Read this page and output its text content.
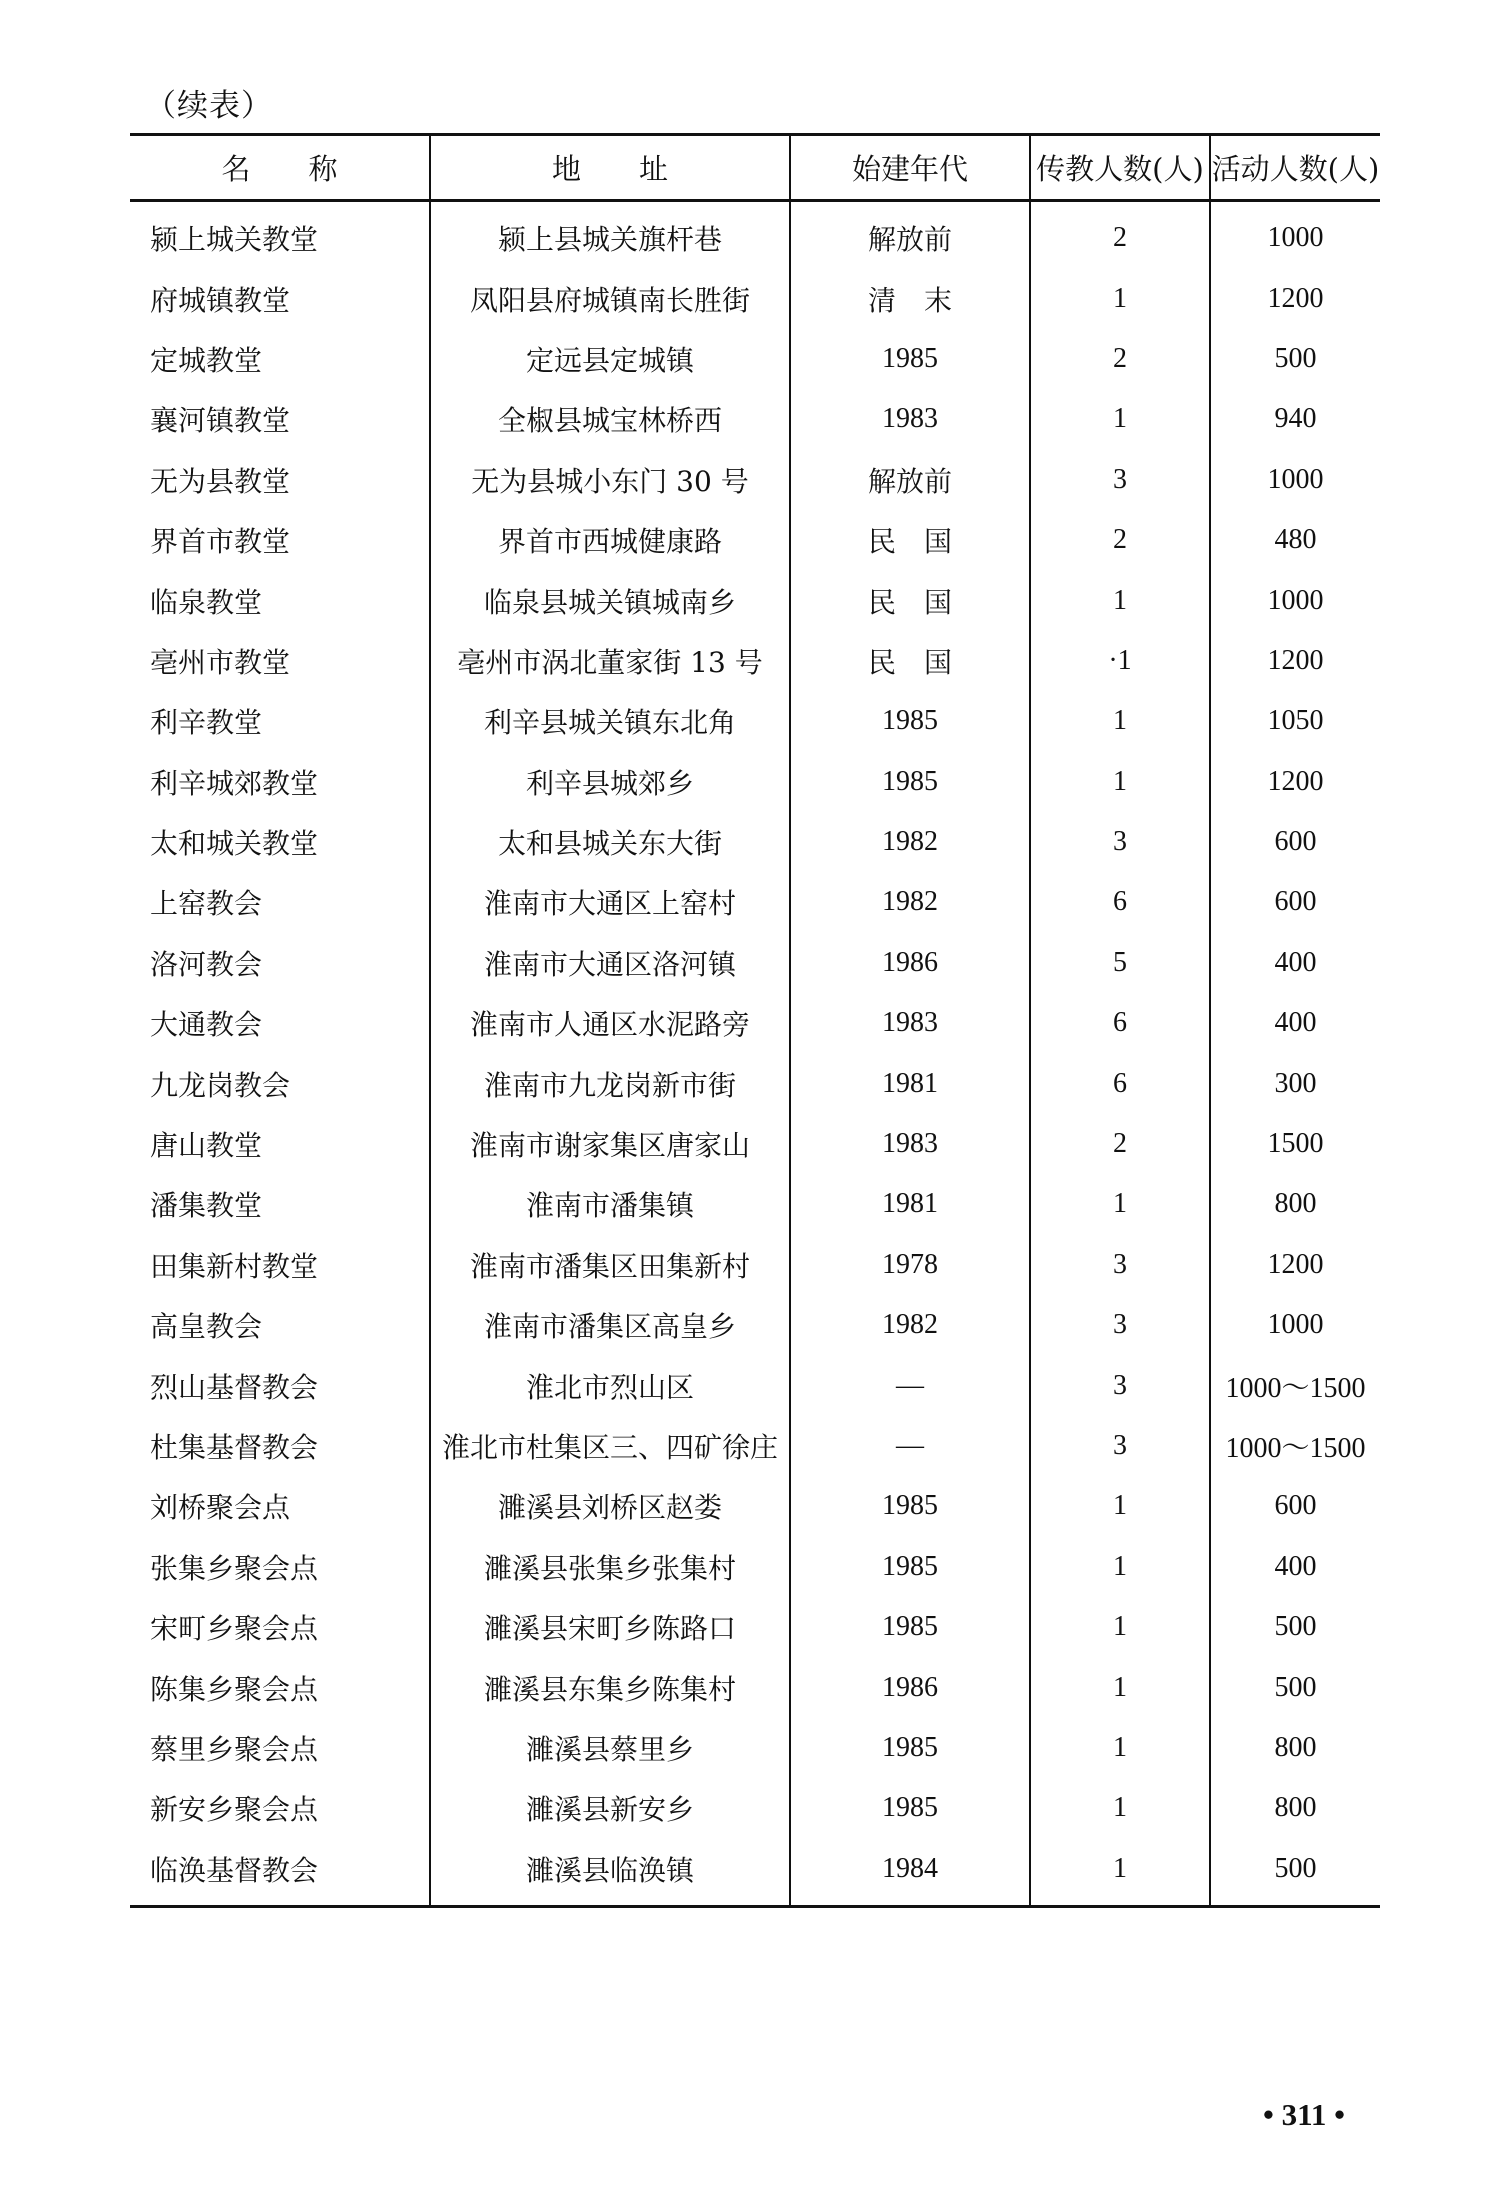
（续表）
名　　称	地　　址	始建年代	传教人数(人)	活动人数(人)
颍上城关教堂	颍上县城关旗杆巷	解放前	2	1000
府城镇教堂	凤阳县府城镇南长胜街	清　末	1	1200
定城教堂	定远县定城镇	1985	2	500
襄河镇教堂	全椒县城宝林桥西	1983	1	940
无为县教堂	无为县城小东门 30 号	解放前	3	1000
界首市教堂	界首市西城健康路	民　国	2	480
临泉教堂	临泉县城关镇城南乡	民　国	1	1000
亳州市教堂	亳州市涡北董家街 13 号	民　国	·1	1200
利辛教堂	利辛县城关镇东北角	1985	1	1050
利辛城郊教堂	利辛县城郊乡	1985	1	1200
太和城关教堂	太和县城关东大街	1982	3	600
上窑教会	淮南市大通区上窑村	1982	6	600
洛河教会	淮南市大通区洛河镇	1986	5	400
大通教会	淮南市人通区水泥路旁	1983	6	400
九龙岗教会	淮南市九龙岗新市街	1981	6	300
唐山教堂	淮南市谢家集区唐家山	1983	2	1500
潘集教堂	淮南市潘集镇	1981	1	800
田集新村教堂	淮南市潘集区田集新村	1978	3	1200
高皇教会	淮南市潘集区高皇乡	1982	3	1000
烈山基督教会	淮北市烈山区	—	3	1000～1500
杜集基督教会	淮北市杜集区三、四矿徐庄	—	3	1000～1500
刘桥聚会点	濉溪县刘桥区赵娄	1985	1	600
张集乡聚会点	濉溪县张集乡张集村	1985	1	400
宋町乡聚会点	濉溪县宋町乡陈路口	1985	1	500
陈集乡聚会点	濉溪县东集乡陈集村	1986	1	500
蔡里乡聚会点	濉溪县蔡里乡	1985	1	800
新安乡聚会点	濉溪县新安乡	1985	1	800
临涣基督教会	濉溪县临涣镇	1984	1	500
• 311 •
